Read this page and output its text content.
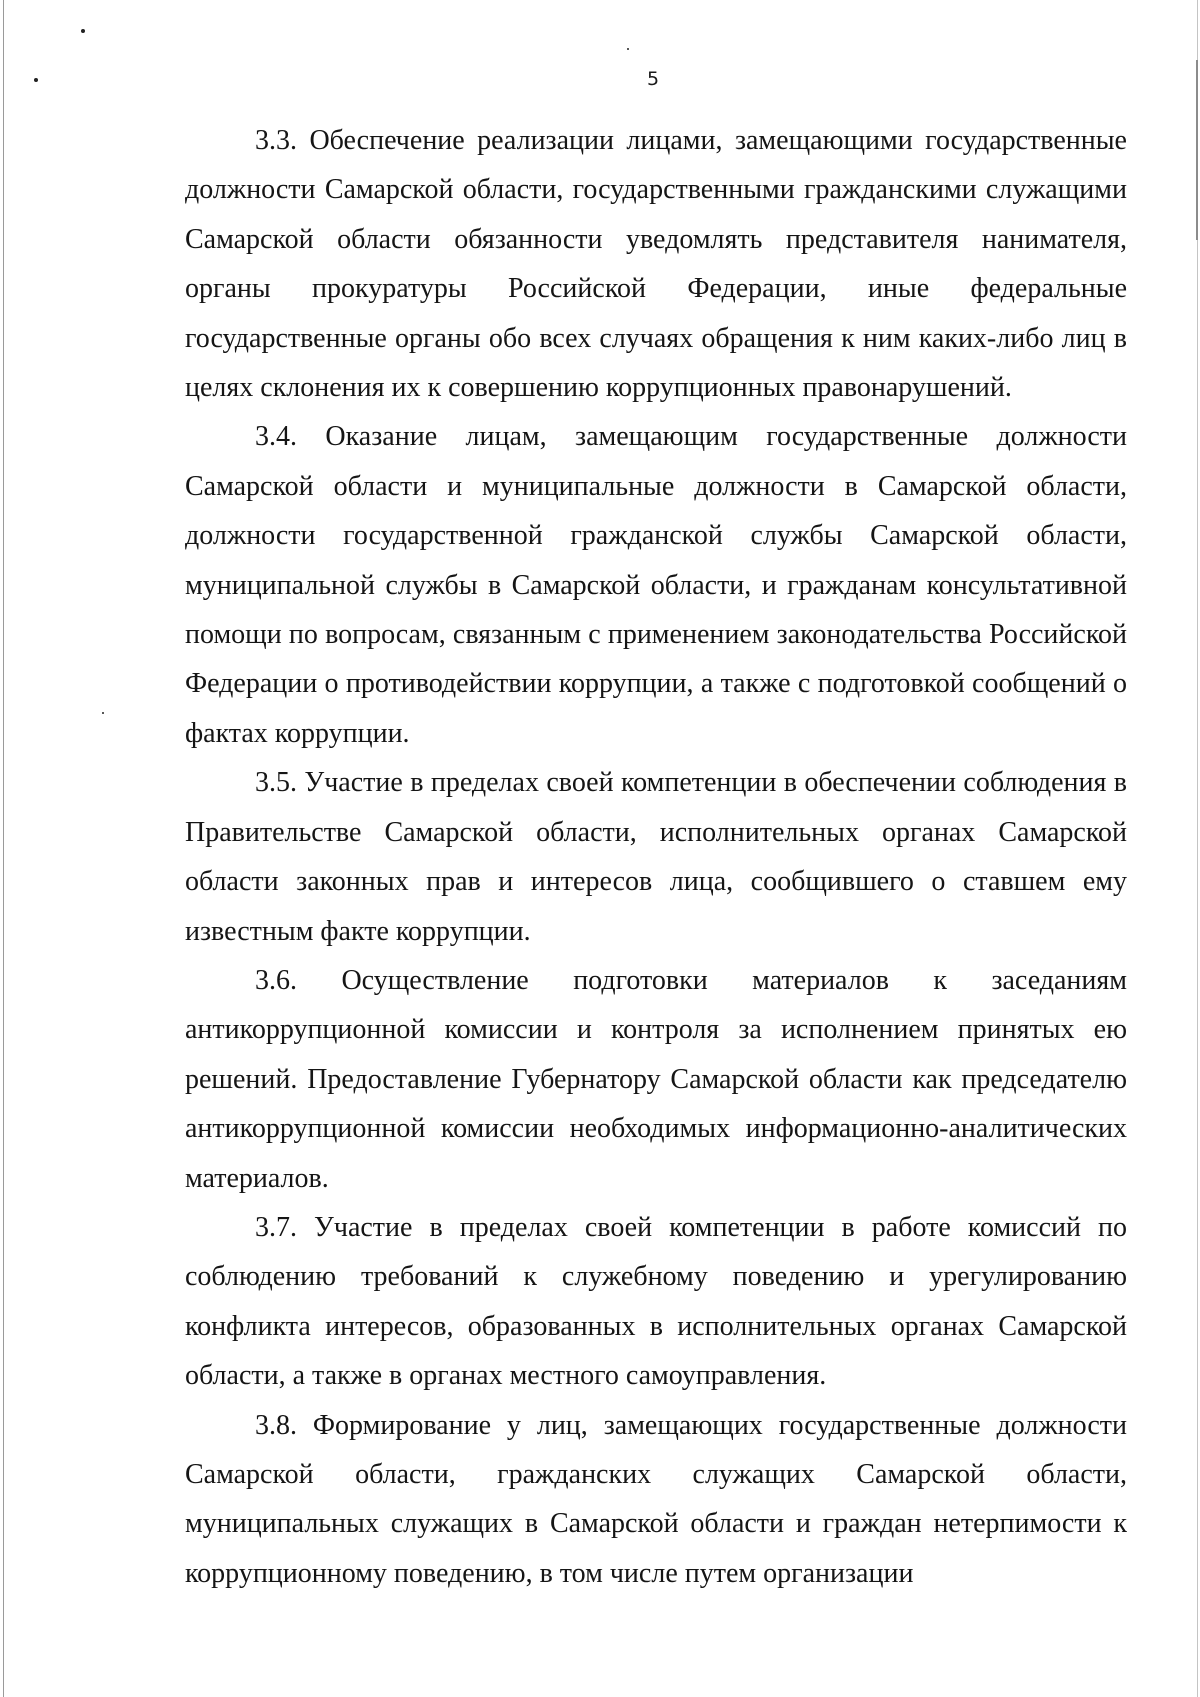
5

3.3. Обеспечение реализации лицами, замещающими государственные должности Самарской области, государственными гражданскими служащими Самарской области обязанности уведомлять представителя нанимателя, органы прокуратуры Российской Федерации, иные федеральные государственные органы обо всех случаях обращения к ним каких-либо лиц в целях склонения их к совершению коррупционных правонарушений.

3.4. Оказание лицам, замещающим государственные должности Самарской области и муниципальные должности в Самарской области, должности государственной гражданской службы Самарской области, муниципальной службы в Самарской области, и гражданам консультативной помощи по вопросам, связанным с применением законодательства Российской Федерации о противодействии коррупции, а также с подготовкой сообщений о фактах коррупции.

3.5. Участие в пределах своей компетенции в обеспечении соблюдения в Правительстве Самарской области, исполнительных органах Самарской области законных прав и интересов лица, сообщившего о ставшем ему известным факте коррупции.

3.6. Осуществление подготовки материалов к заседаниям антикоррупционной комиссии и контроля за исполнением принятых ею решений. Предоставление Губернатору Самарской области как председателю антикоррупционной комиссии необходимых информационно-аналитических материалов.

3.7. Участие в пределах своей компетенции в работе комиссий по соблюдению требований к служебному поведению и урегулированию конфликта интересов, образованных в исполнительных органах Самарской области, а также в органах местного самоуправления.

3.8. Формирование у лиц, замещающих государственные должности Самарской области, гражданских служащих Самарской области, муниципальных служащих в Самарской области и граждан нетерпимости к коррупционному поведению, в том числе путем организации
